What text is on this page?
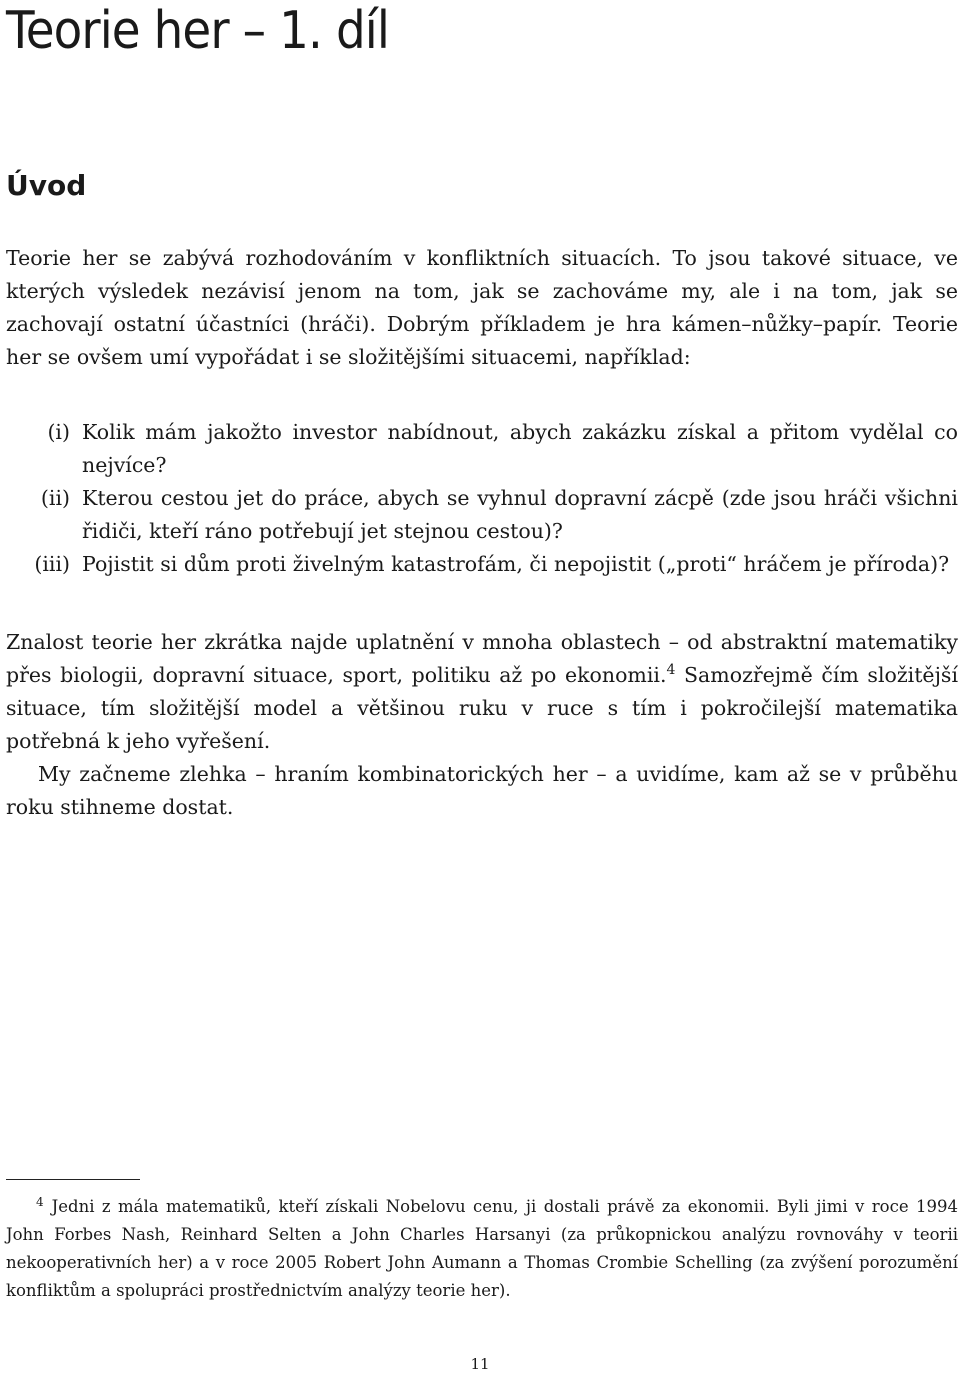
Teorie her – 1. díl
Úvod

Teorie her se zabývá rozhodováním v konfliktních situacích. To jsou takové situace, ve kterých výsledek nezávisí jenom na tom, jak se zachováme my, ale i na tom, jak se zachovají ostatní účastníci (hráči). Dobrým příkladem je hra kámen–nůžky–papír. Teorie her se ovšem umí vypořádat i se složitějšími situacemi, například:

(i) Kolik mám jakožto investor nabídnout, abych zakázku získal a přitom vydělal co nejvíce?
(ii) Kterou cestou jet do práce, abych se vyhnul dopravní zácpě (zde jsou hráči všichni řidiči, kteří ráno potřebují jet stejnou cestou)?
(iii) Pojistit si dům proti živelným katastrofám, či nepojistit („proti“ hráčem je příroda)?

Znalost teorie her zkrátka najde uplatnění v mnoha oblastech – od abstraktní matematiky přes biologii, dopravní situace, sport, politiku až po ekonomii.$^4$ Samozřejmě čím složitější situace, tím složitější model a většinou ruku v ruce s tím i pokročilejší matematika potřebná k jeho vyřešení.

My začneme zlehka – hraním kombinatorických her – a uvidíme, kam až se v průběhu roku stihneme dostat.

$^4$ Jedni z mála matematiků, kteří získali Nobelovu cenu, ji dostali právě za ekonomii. Byli jimi v roce 1994 John Forbes Nash, Reinhard Selten a John Charles Harsanyi (za průkopnickou analýzu rovnováhy v teorii nekooperativních her) a v roce 2005 Robert John Aumann a Thomas Crombie Schelling (za zvýšení porozumění konfliktům a spolupráci prostřednictvím analýzy teorie her).

11
